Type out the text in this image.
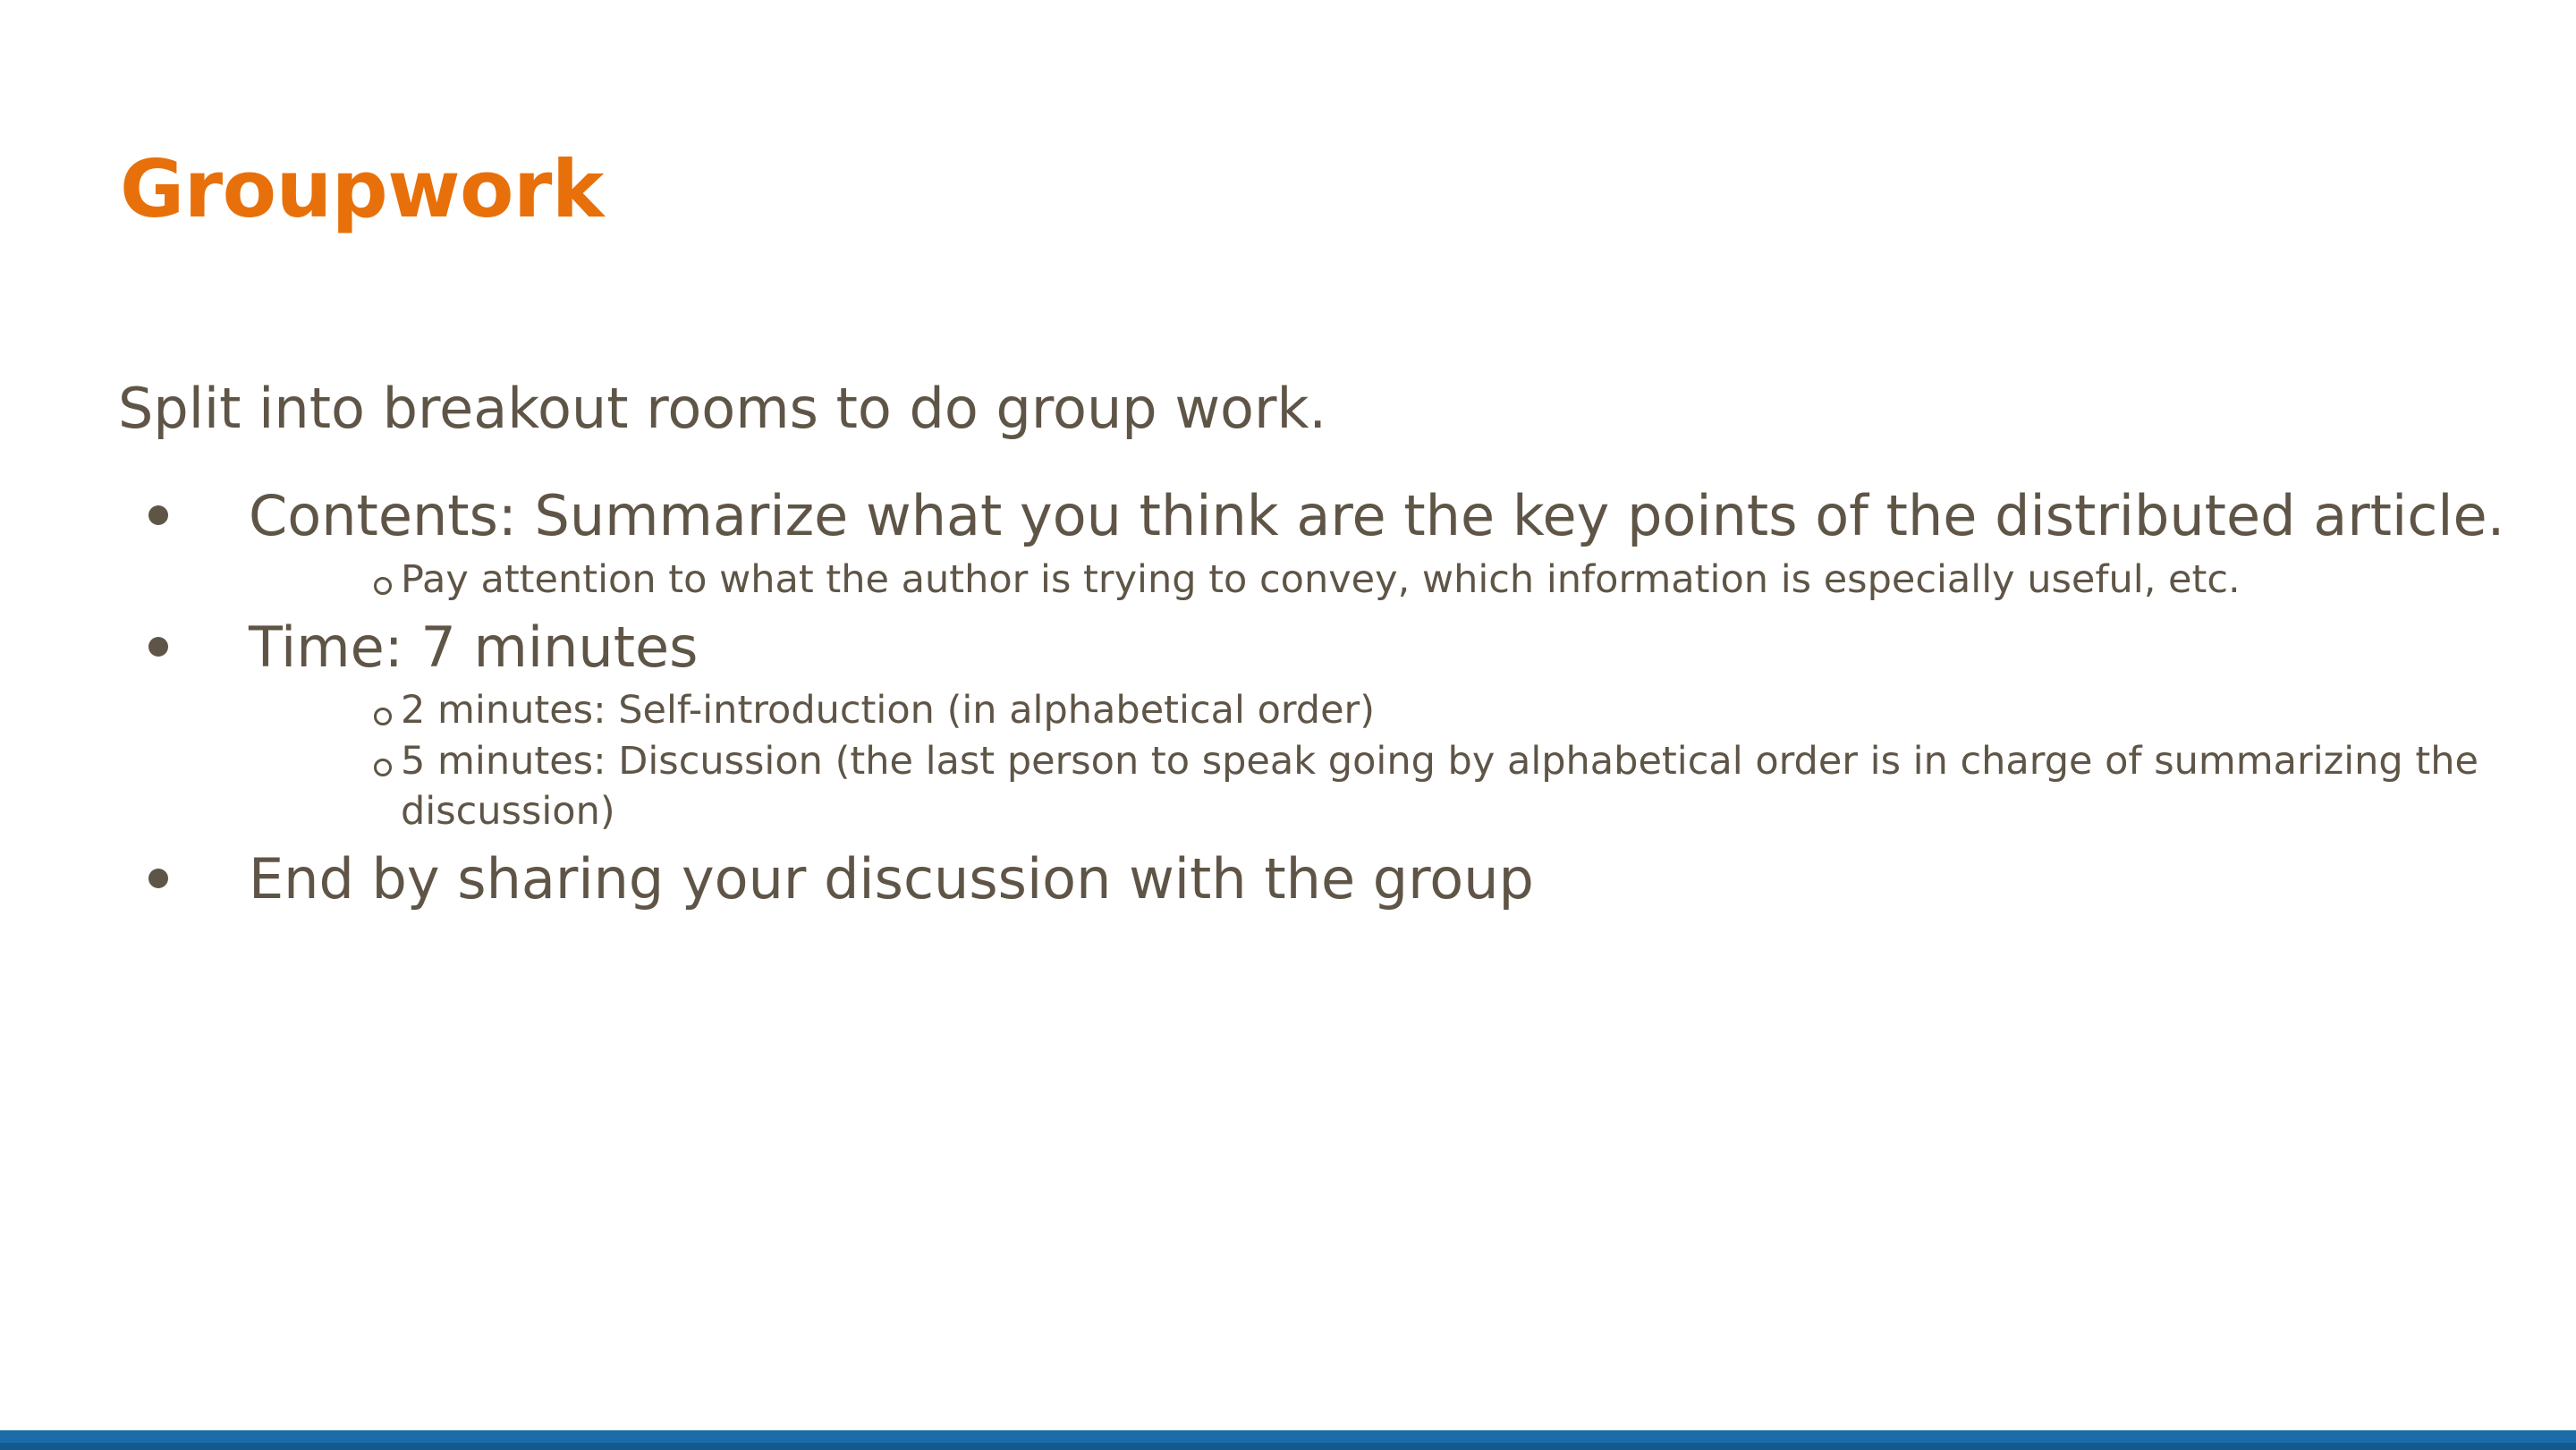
Groupwork

Split into breakout rooms to do group work.

Contents: Summarize what you think are the key points of the distributed article.
Pay attention to what the author is trying to convey, which information is especially useful, etc.
Time: 7 minutes
2 minutes: Self-introduction (in alphabetical order)
5 minutes: Discussion (the last person to speak going by alphabetical order is in charge of summarizing the discussion)
End by sharing your discussion with the group
